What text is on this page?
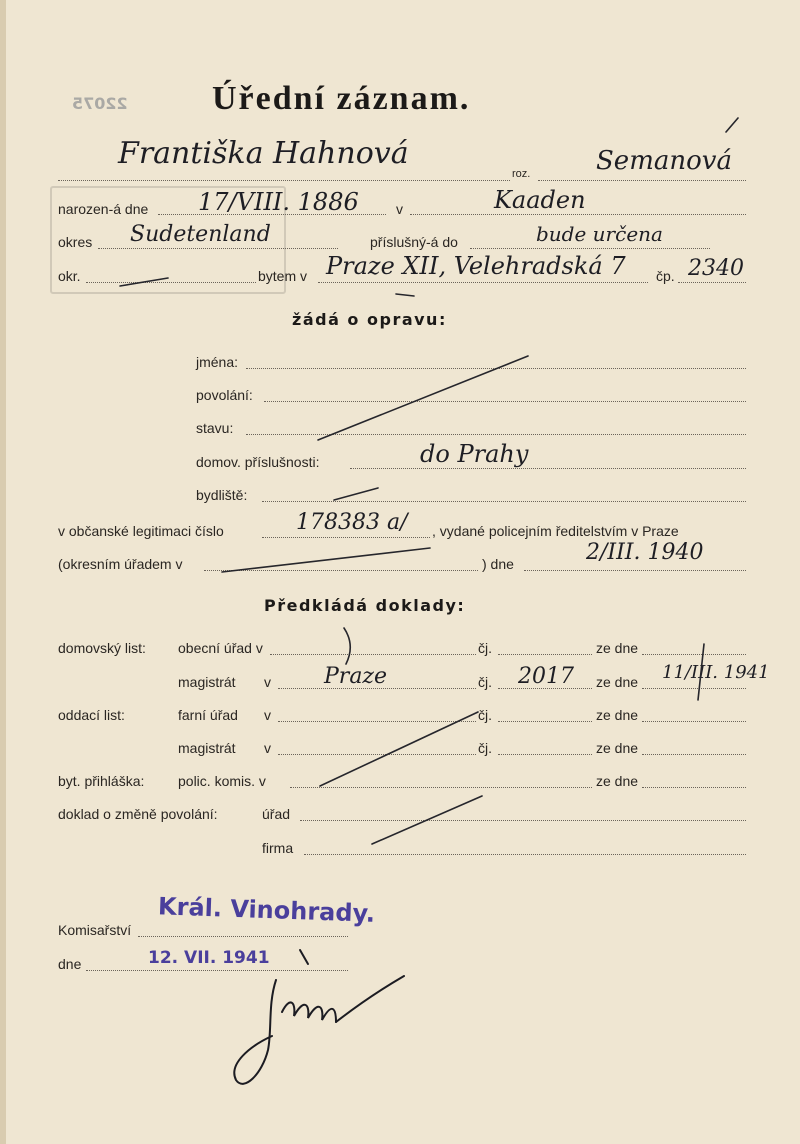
22075 Úřední záznam.
Františka Hahnová
roz.	Semanová
narozen-á dne 17/VIII. 1886	v	Kaaden
okres Sudetenland	příslušný-á do	bude určena
okr.	bytem v Praze XII, Velehradská 7 čp. 2340
žádá o opravu:
jména:
povolání:
stavu:
domov. příslušnosti:	do Prahy
bydliště:
v občanské legitimaci číslo	178383 a/ , vydané policejním ředitelstvím v Praze
(okresním úřadem v	) dne	2/III. 1940
Předkládá doklady:
domovský list: obecní úřad v	čj.	ze dne
magistrát v Praze	čj. 2017 ze dne 11/III. 1941
oddací list:	farní úřad v	čj.	ze dne
magistrát v	čj.	ze dne
byt. přihláška: polic. komis. v	ze dne
doklad o změně povolání:	úřad
firma
Král. Vinohrady.
Komisařství
dne	12. VII. 1941
